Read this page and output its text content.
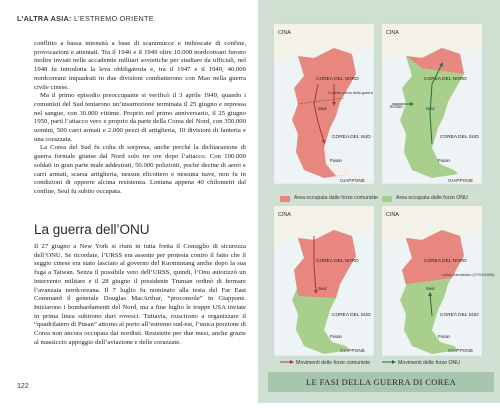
L’ALTRA ASIA: L’ESTREMO ORIENTE

conflitto a bassa intensità a base di scaramucce e imboscate di confine, provocazioni e attentati. Tra il 1946 e il 1949 oltre 10.000 nordcoreani furono inoltre inviati nelle accademie militari sovietiche per studiare da ufficiali, nel 1948 fu introdotta la leva obbligatoria e, tra il 1947 e il 1949, 40.000 nordcoreani inquadrati in due divisioni combatterono con Mao nella guerra civile cinese.

Ma il primo episodio preoccupante si verificò il 3 aprile 1949, quando i comunisti del Sud tentarono un’insurrezione terminata il 25 giugno e repressa nel sangue, con 30.000 vittime. Proprio nel primo anniversario, il 25 giugno 1950, partì l’attacco vero e proprio da parte della Corea del Nord, con 350.000 uomini, 500 carri armati e 2.000 pezzi di artiglieria, 10 divisioni di fanteria e una corazzata.

La Corea del Sud fu colta di sorpresa, anche perché la dichiarazione di guerra formale giunse dal Nord solo tre ore dopo l’attacco. Con 100.000 soldati in gran parte male addestrati, 50.000 poliziotti, poche decine di aerei e carri armati, scarsa artiglieria, nessun elicottero e nessuna nave, non fu in condizioni di opporre alcuna resistenza. Lontana appena 40 chilometri dal confine, Seul fu subito occupata.

La guerra dell’ONU

Il 27 giugno a New York si riunì in tutta fretta il Consiglio di sicurezza dell’ONU. Se ricordate, l’URSS era assente per protesta contro il fatto che il seggio cinese era stato lasciato al governo del Kuomintang anche dopo la sua fuga a Taiwan. Senza il possibile veto dell’URSS, quindi, l’Onu autorizzò un intervento militare e il 28 giugno il presidente Truman ordinò di fermare l’avanzata nordcoreana. Il 7 luglio fu nominato alla testa del Far East Command il generale Douglas MacArthur, “proconsole” in Giappone. Iniziarono i bombardamenti del Nord, ma a fine luglio le truppe USA inviate in prima linea subirono duri rovesci. Tuttavia, riuscirono a organizzare il “quadrilatero di Pusan” attorno al porto all’estremo sud-est, l’unica porzione di Corea non ancora occupata dai nordisti. Resistette per due mesi, anche grazie al massiccio appoggio dell’aviazione e delle corazzate.

122
CINA
COREA DEL NORD
Seul
Confine prima della guerra
COREA DEL SUD
Pusan
GIAPPONE
CINA
COREA DEL NORD
Seul
Inchon
COREA DEL SUD
Pusan
GIAPPONE
Area occupata dalle forze comuniste	Area occupata dalle forze ONU
CINA
COREA DEL NORD
Seul
COREA DEL SUD
Pusan
GIAPPONE
CINA
COREA DEL NORD
Seul
Linea d’armistizio (27/VII/1953)
COREA DEL SUD
Pusan
GIAPPONE
Movimenti delle forze comuniste	Movimenti delle forze ONU
LE FASI DELLA GUERRA DI COREA
